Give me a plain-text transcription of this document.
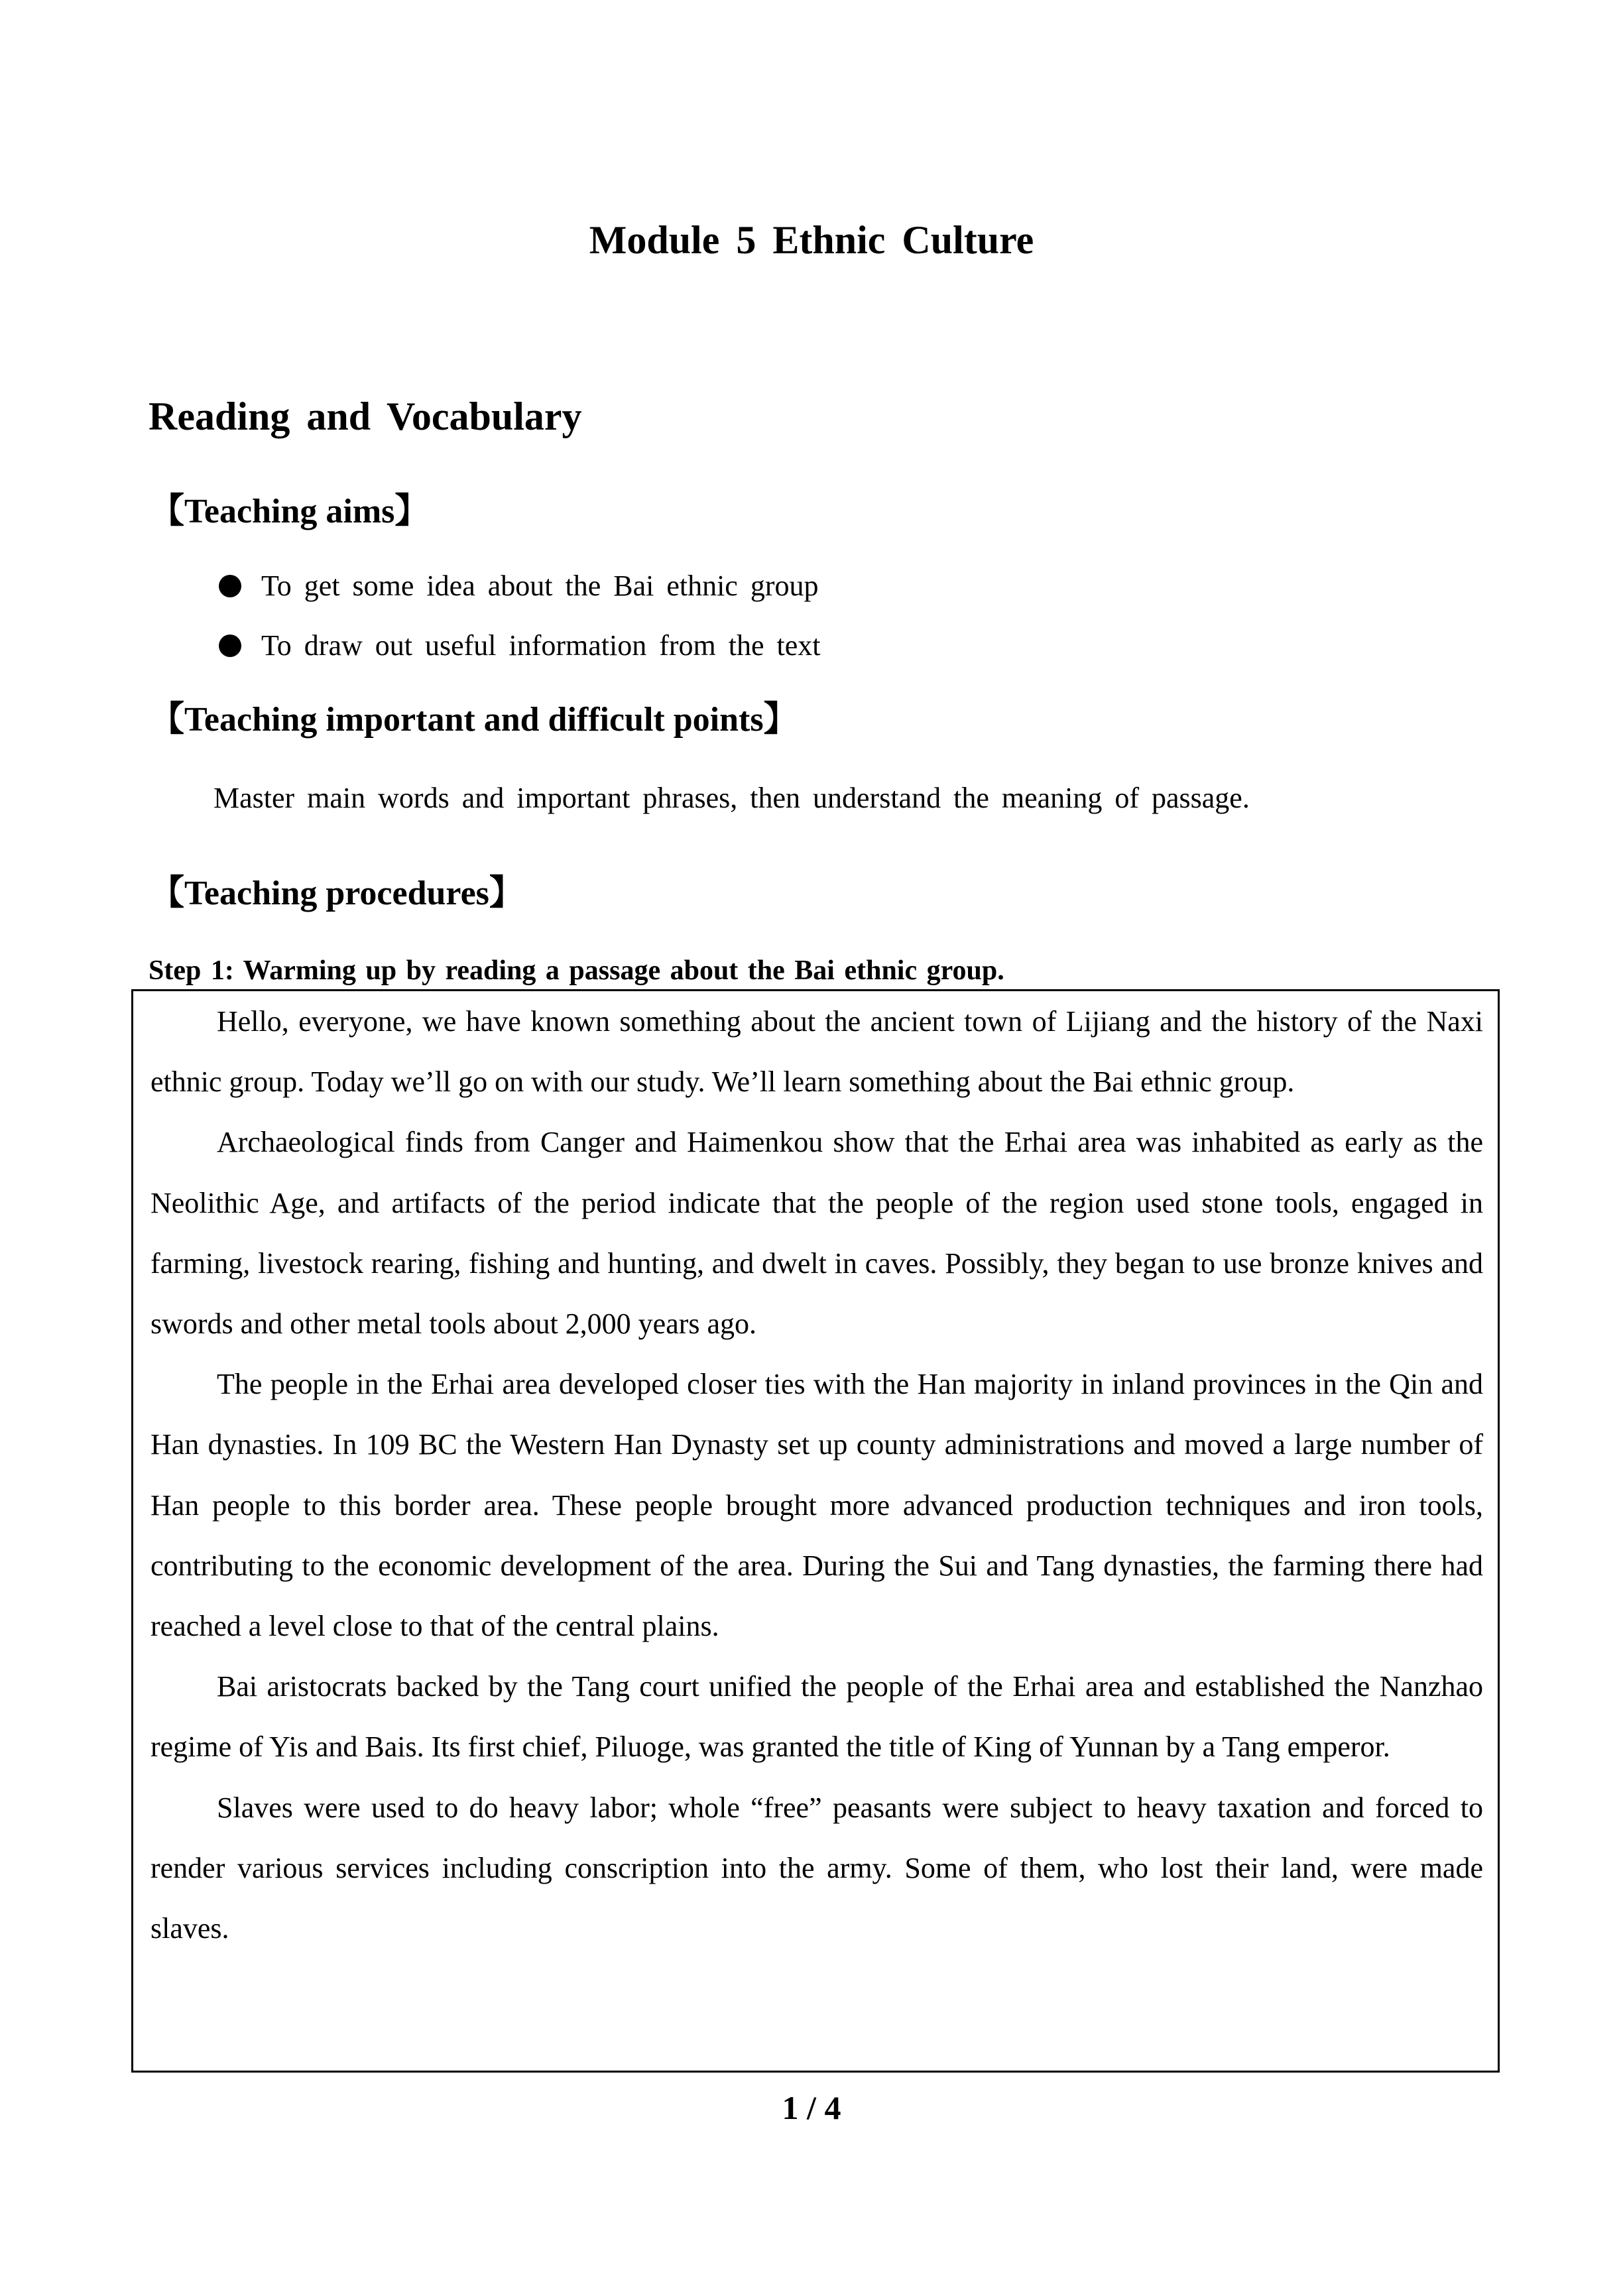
Module 5 Ethnic Culture
Reading and Vocabulary
【Teaching aims】
To get some idea about the Bai ethnic group
To draw out useful information from the text
【Teaching important and difficult points】
Master main words and important phrases, then understand the meaning of passage.
【Teaching procedures】
Step 1: Warming up by reading a passage about the Bai ethnic group.

Hello, everyone, we have known something about the ancient town of Lijiang and the history of the Naxi ethnic group. Today we’ll go on with our study. We’ll learn something about the Bai ethnic group.

Archaeological finds from Canger and Haimenkou show that the Erhai area was inhabited as early as the Neolithic Age, and artifacts of the period indicate that the people of the region used stone tools, engaged in farming, livestock rearing, fishing and hunting, and dwelt in caves. Possibly, they began to use bronze knives and swords and other metal tools about 2,000 years ago.

The people in the Erhai area developed closer ties with the Han majority in inland provinces in the Qin and Han dynasties. In 109 BC the Western Han Dynasty set up county administrations and moved a large number of Han people to this border area. These people brought more advanced production techniques and iron tools, contributing to the economic development of the area. During the Sui and Tang dynasties, the farming there had reached a level close to that of the central plains.

Bai aristocrats backed by the Tang court unified the people of the Erhai area and established the Nanzhao regime of Yis and Bais. Its first chief, Piluoge, was granted the title of King of Yunnan by a Tang emperor.

Slaves were used to do heavy labor; whole “free” peasants were subject to heavy taxation and forced to render various services including conscription into the army. Some of them, who lost their land, were made slaves.

1 / 4
